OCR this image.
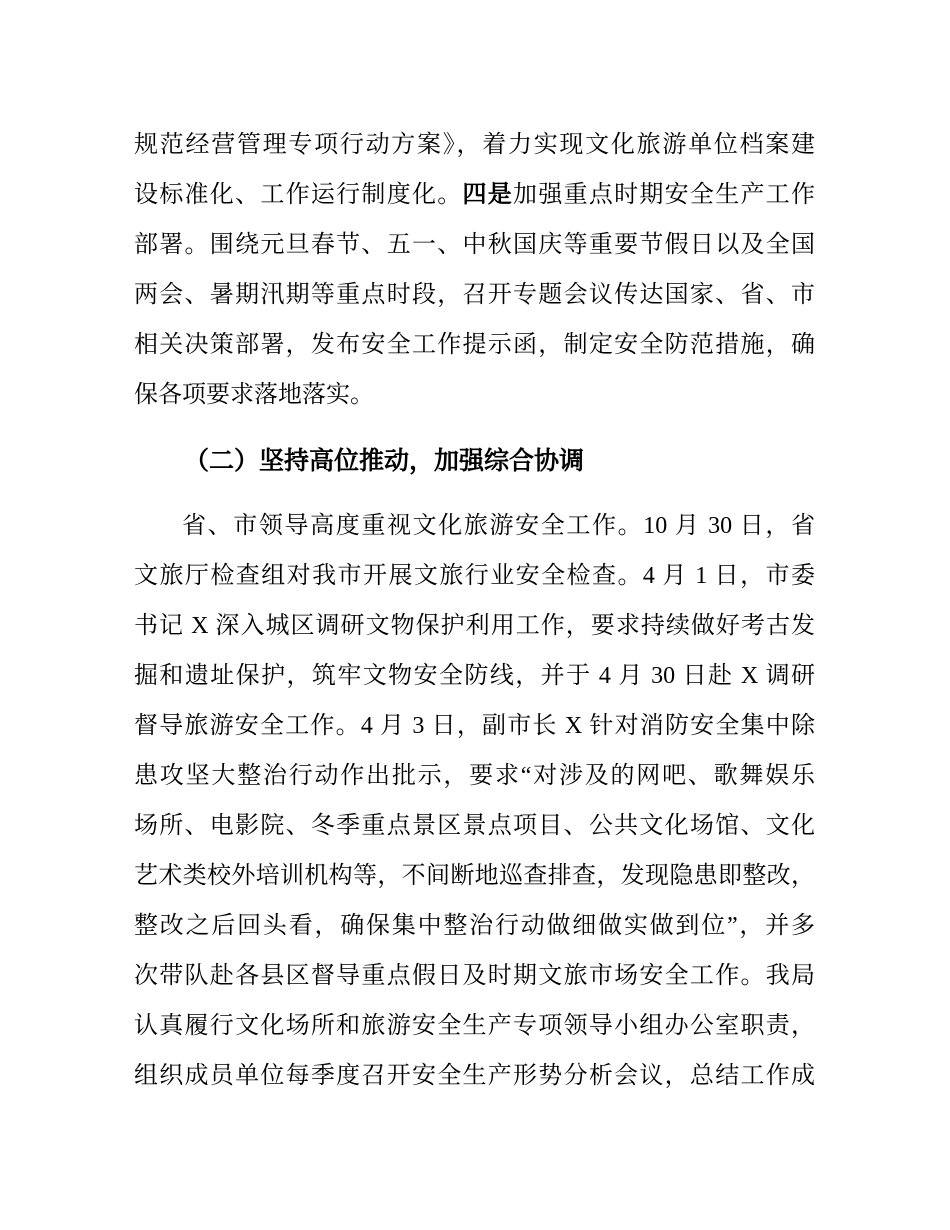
规范经营管理专项行动方案》，着力实现文化旅游单位档案建
设标准化、工作运行制度化。四是加强重点时期安全生产工作
部署。围绕元旦春节、五一、中秋国庆等重要节假日以及全国
两会、暑期汛期等重点时段，召开专题会议传达国家、省、市
相关决策部署，发布安全工作提示函，制定安全防范措施，确
保各项要求落地落实。
（二）坚持高位推动，加强综合协调
省、市领导高度重视文化旅游安全工作。10 月 30 日，省
文旅厅检查组对我市开展文旅行业安全检查。4 月 1 日，市委
书记 X 深入城区调研文物保护利用工作，要求持续做好考古发
掘和遗址保护，筑牢文物安全防线，并于 4 月 30 日赴 X 调研
督导旅游安全工作。4 月 3 日，副市长 X 针对消防安全集中除
患攻坚大整治行动作出批示，要求“对涉及的网吧、歌舞娱乐
场所、电影院、冬季重点景区景点项目、公共文化场馆、文化
艺术类校外培训机构等，不间断地巡查排查，发现隐患即整改，
整改之后回头看，确保集中整治行动做细做实做到位”，并多
次带队赴各县区督导重点假日及时期文旅市场安全工作。我局
认真履行文化场所和旅游安全生产专项领导小组办公室职责，
组织成员单位每季度召开安全生产形势分析会议，总结工作成
